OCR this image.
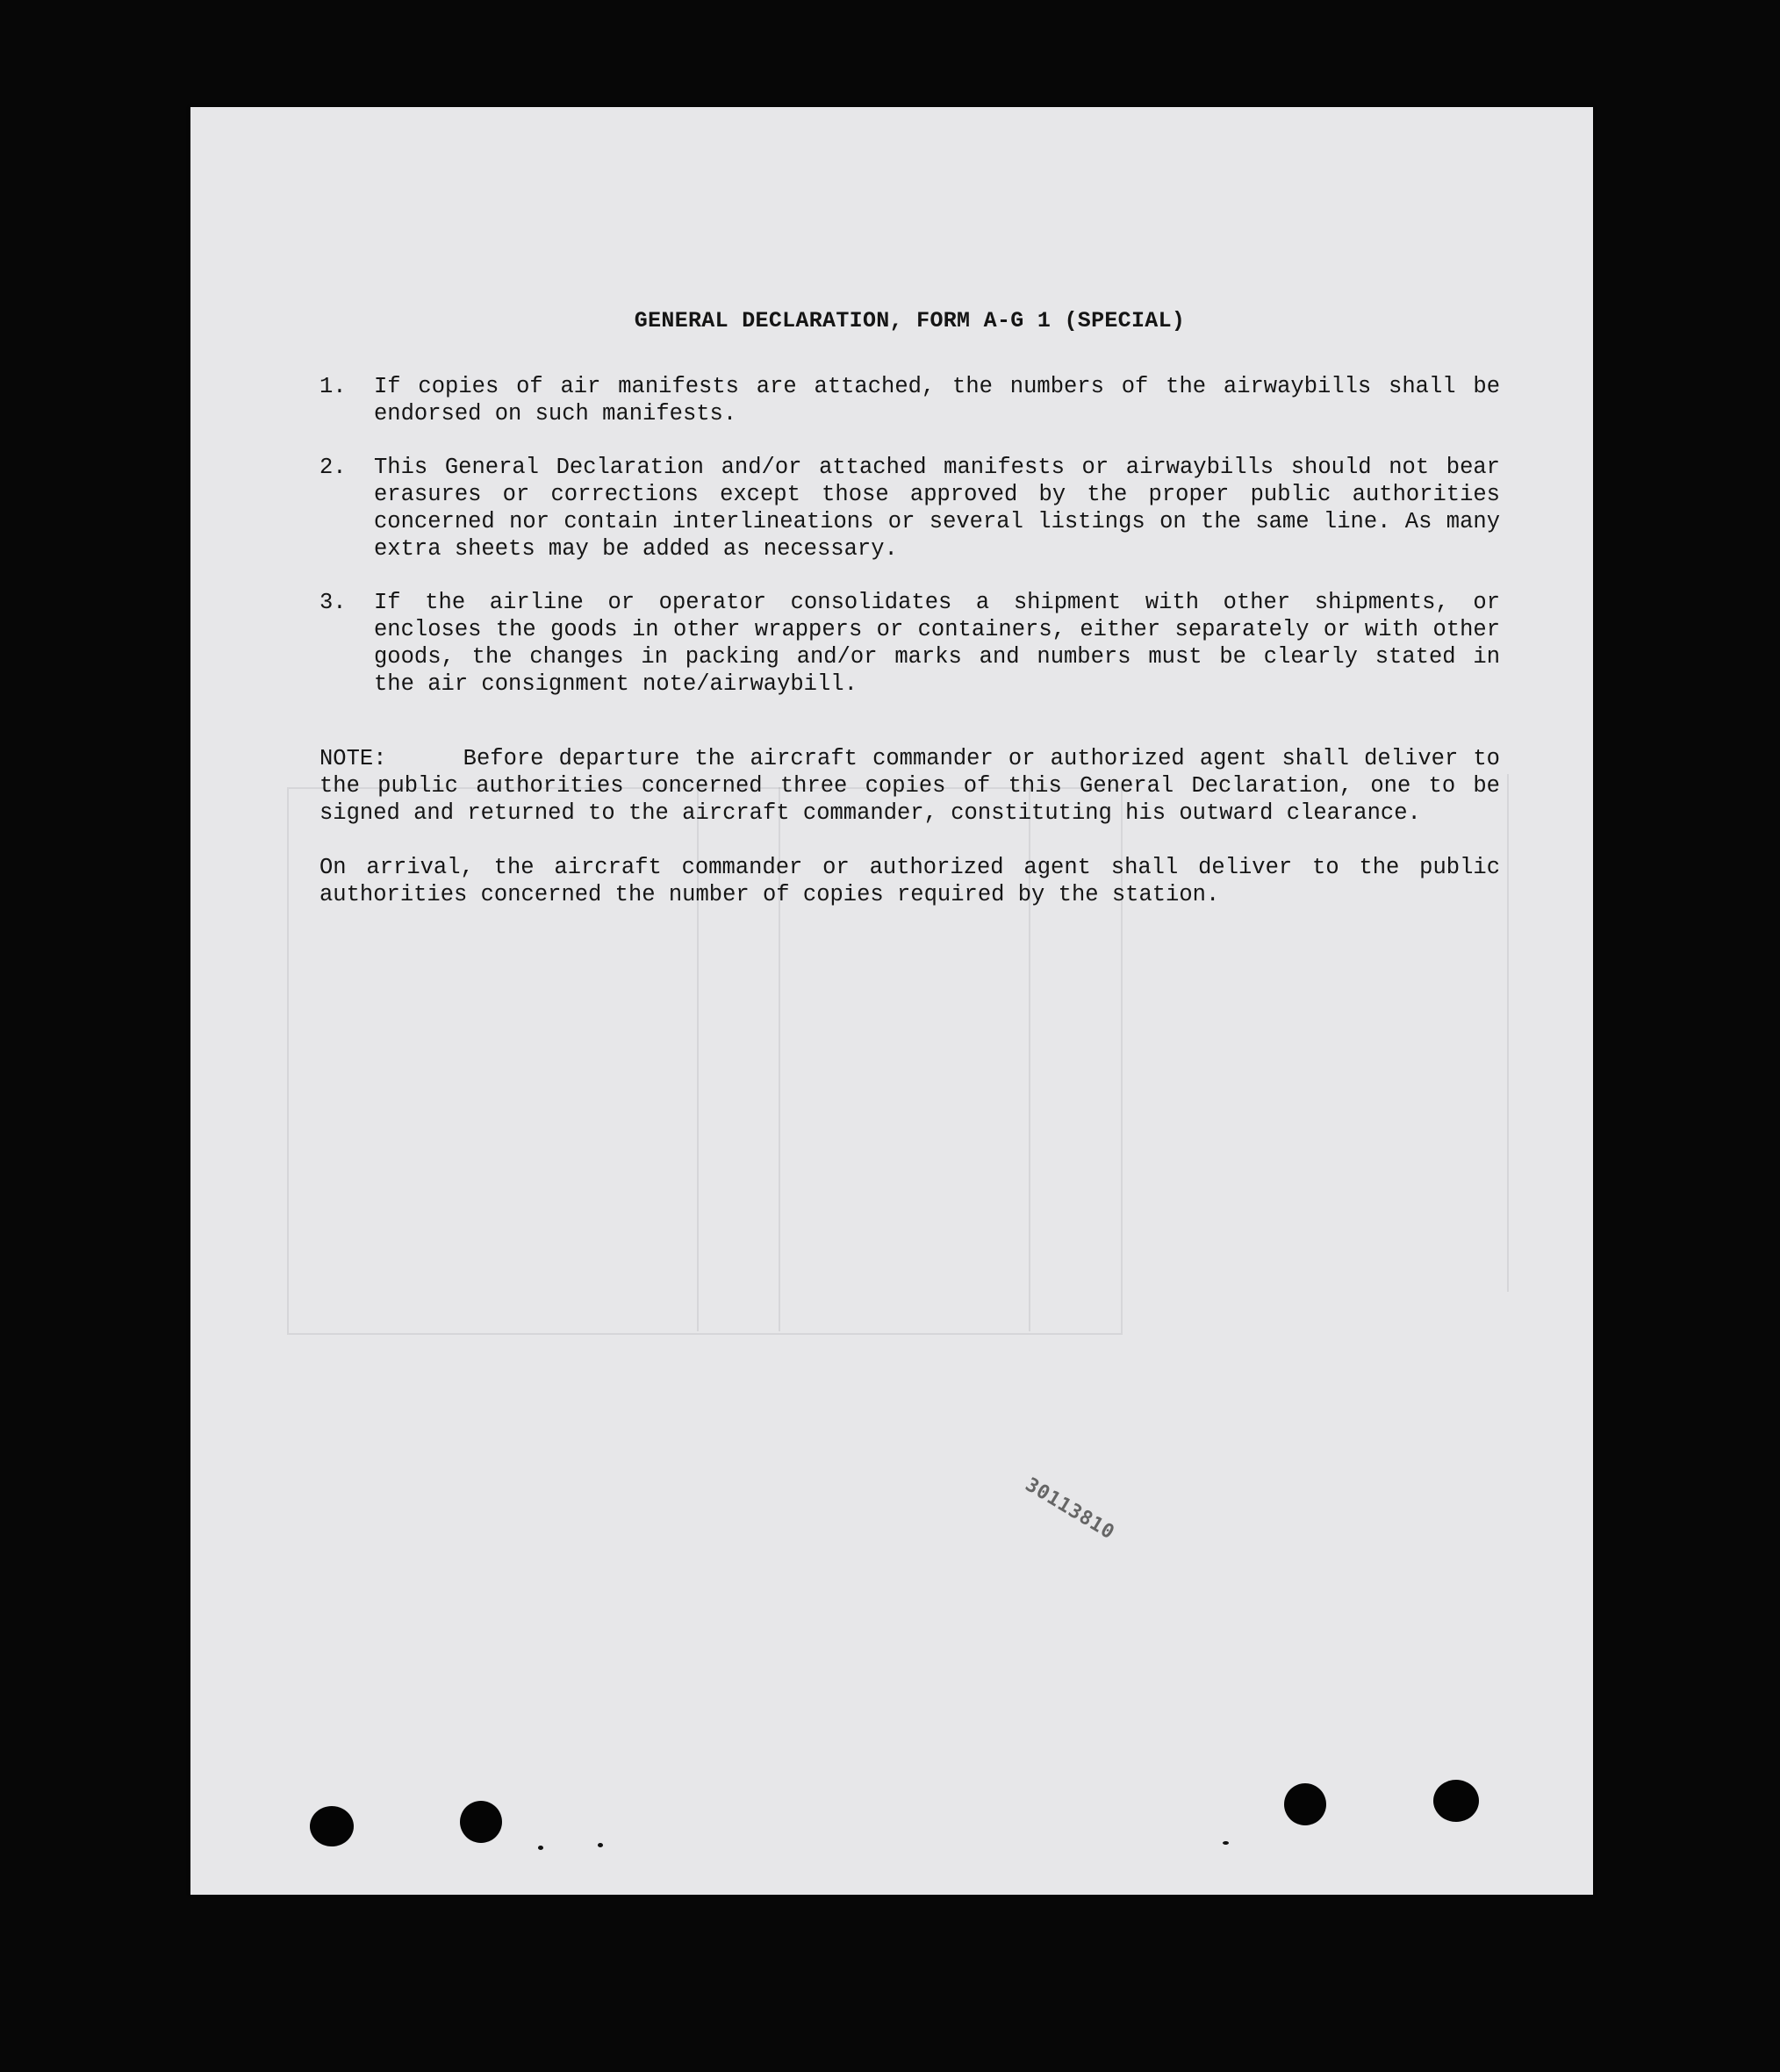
GENERAL DECLARATION, FORM A-G 1 (SPECIAL)
1.	If copies of air manifests are attached, the numbers of the airwaybills shall be endorsed on such manifests.
2.	This General Declaration and/or attached manifests or airwaybills should not bear erasures or corrections except those approved by the proper public authorities concerned nor contain interlineations or several listings on the same line. As many extra sheets may be added as necessary.
3.	If the airline or operator consolidates a shipment with other shipments, or encloses the goods in other wrappers or containers, either separately or with other goods, the changes in packing and/or marks and numbers must be clearly stated in the air consignment note/airwaybill.
NOTE:	Before departure the aircraft commander or authorized agent shall deliver to the public authorities concerned three copies of this General Declaration, one to be signed and returned to the aircraft commander, constituting his outward clearance.
On arrival, the aircraft commander or authorized agent shall deliver to the public authorities concerned the number of copies required by the station.
30113810
